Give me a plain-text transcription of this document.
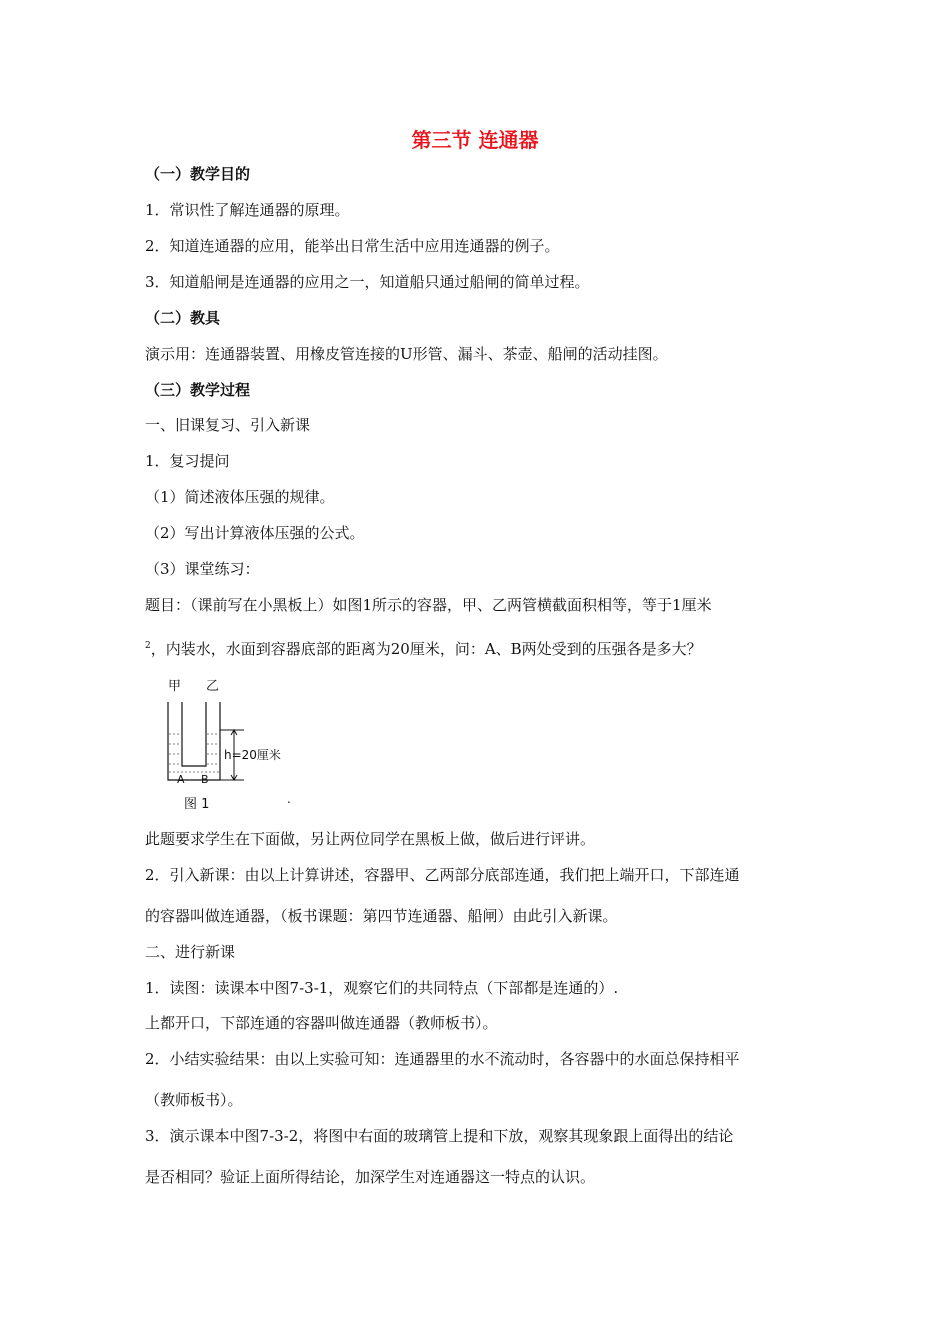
第三节 连通器
（一）教学目的
1．常识性了解连通器的原理。
2．知道连通器的应用，能举出日常生活中应用连通器的例子。
3．知道船闸是连通器的应用之一，知道船只通过船闸的简单过程。
（二）教具
演示用：连通器装置、用橡皮管连接的U形管、漏斗、茶壶、船闸的活动挂图。
（三）教学过程
一、旧课复习、引入新课
1．复习提问
（1）简述液体压强的规律。
（2）写出计算液体压强的公式。
（3）课堂练习：
题目：（课前写在小黑板上）如图1所示的容器，甲、乙两管横截面积相等，等于1厘米
$^2$，内装水，水面到容器底部的距离为20厘米，问：A、B两处受到的压强各是多大？
甲 乙
h=20厘米
A B
图 1	.
此题要求学生在下面做，另让两位同学在黑板上做，做后进行评讲。
2．引入新课：由以上计算讲述，容器甲、乙两部分底部连通，我们把上端开口，下部连通
的容器叫做连通器，（板书课题：第四节连通器、船闸）由此引入新课。
二、进行新课
1．读图：读课本中图7-3-1，观察它们的共同特点（下部都是连通的）.
上都开口，下部连通的容器叫做连通器（教师板书）。
2．小结实验结果：由以上实验可知：连通器里的水不流动时，各容器中的水面总保持相平
（教师板书）。
3．演示课本中图7-3-2，将图中右面的玻璃管上提和下放，观察其现象跟上面得出的结论
是否相同？验证上面所得结论，加深学生对连通器这一特点的认识。
